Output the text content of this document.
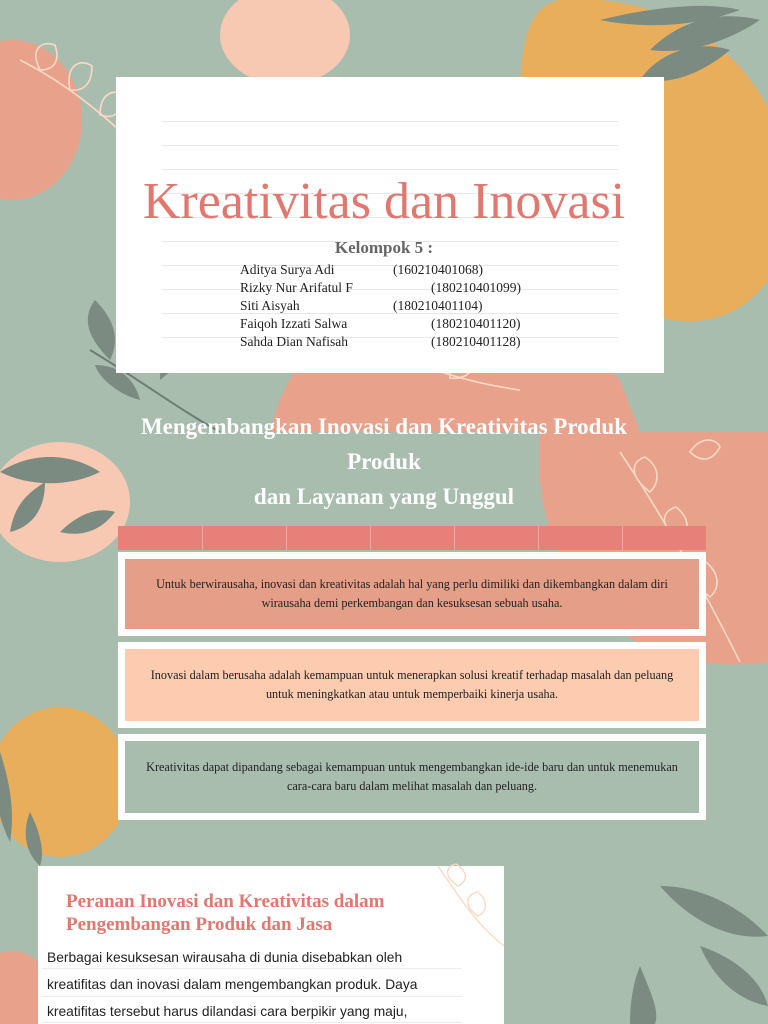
Kreativitas dan Inovasi
Kelompok 5 :
Aditya Surya Adi	(160210401068)
Rizky Nur Arifatul F	(180210401099)
Siti Aisyah	(180210401104)
Faiqoh Izzati Salwa	(180210401120)
Sahda Dian Nafisah	(180210401128)
Mengembangkan Inovasi dan Kreativitas Produk
Produk
dan Layanan yang Unggul
Untuk berwirausaha, inovasi dan kreativitas adalah hal yang perlu dimiliki dan dikembangkan dalam diri wirausaha demi perkembangan dan kesuksesan sebuah usaha.
Inovasi dalam berusaha adalah kemampuan untuk menerapkan solusi kreatif terhadap masalah dan peluang untuk meningkatkan atau untuk memperbaiki kinerja usaha.
Kreativitas dapat dipandang sebagai kemampuan untuk mengembangkan ide-ide baru dan untuk menemukan cara-cara baru dalam melihat masalah dan peluang.
Peranan Inovasi dan Kreativitas dalam
Pengembangan Produk dan Jasa
Berbagai kesuksesan wirausaha di dunia disebabkan oleh
kreatifitas dan inovasi dalam mengembangkan produk. Daya
kreatifitas tersebut harus dilandasi cara berpikir yang maju,
